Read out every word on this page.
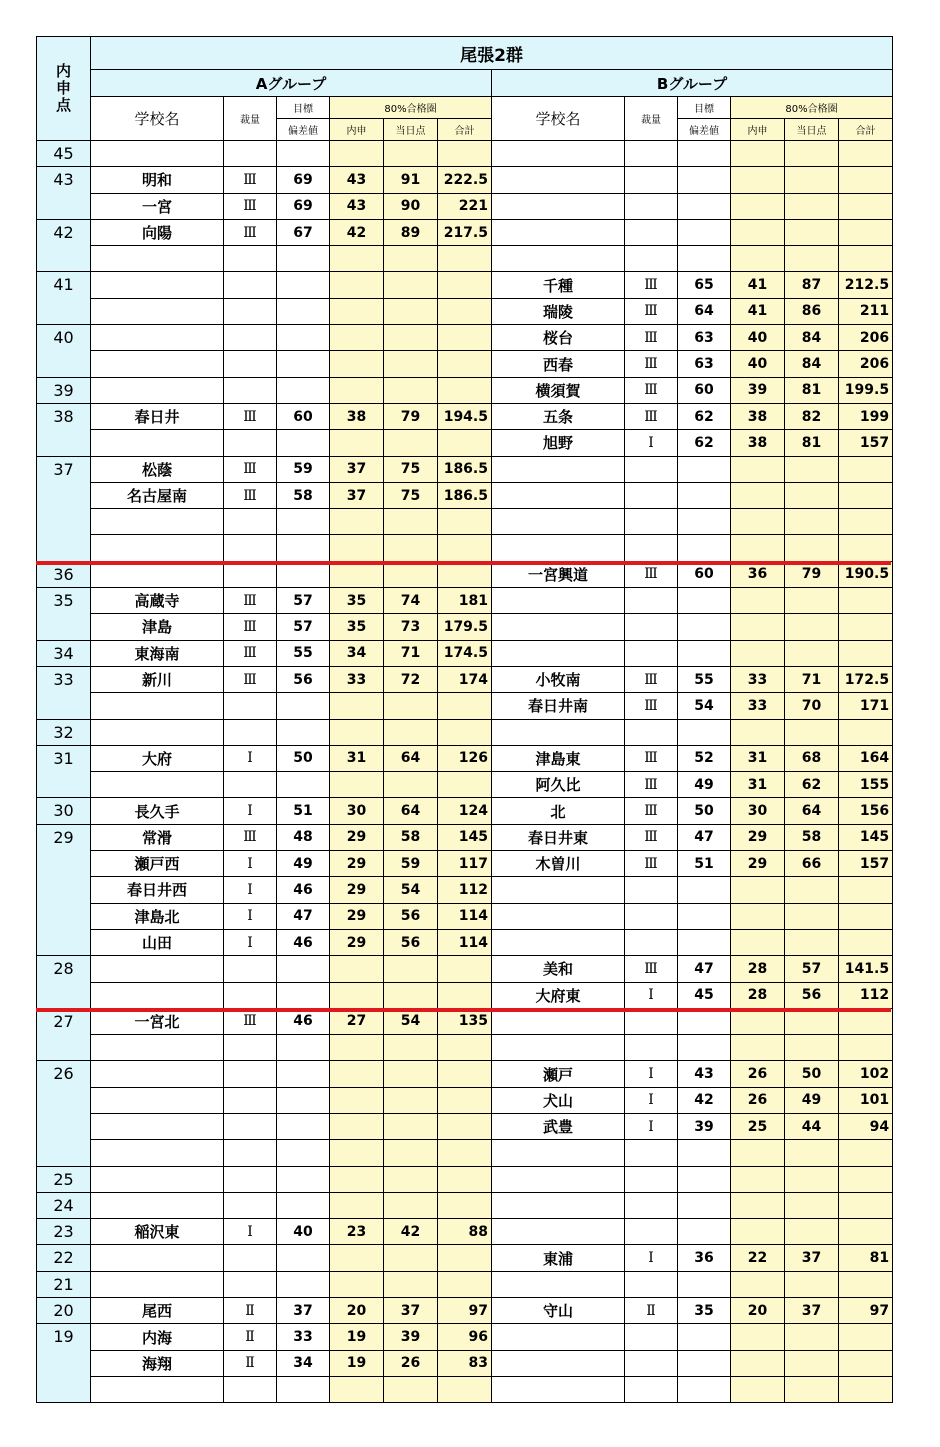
内
申
点	尾張2群											
	Aグループ						Bグループ					
	学校名	裁量	目標	80%合格圏			学校名	裁量	目標	80%合格圏		
			偏差値	内申	当日点	合計			偏差値	内申	当日点	合計
45												
43	明和	Ⅲ	69	43	91	222.5						
	一宮	Ⅲ	69	43	90	221						
42	向陽	Ⅲ	67	42	89	217.5						

41							千種	Ⅲ	65	41	87	212.5
							瑞陵	Ⅲ	64	41	86	211
40							桜台	Ⅲ	63	40	84	206
							西春	Ⅲ	63	40	84	206
39							横須賀	Ⅲ	60	39	81	199.5
38	春日井	Ⅲ	60	38	79	194.5	五条	Ⅲ	62	38	82	199
							旭野	Ⅰ	62	38	81	157
37	松蔭	Ⅲ	59	37	75	186.5						
	名古屋南	Ⅲ	58	37	75	186.5						

36							一宮興道	Ⅲ	60	36	79	190.5
35	高蔵寺	Ⅲ	57	35	74	181						
	津島	Ⅲ	57	35	73	179.5						
34	東海南	Ⅲ	55	34	71	174.5						
33	新川	Ⅲ	56	33	72	174	小牧南	Ⅲ	55	33	71	172.5
							春日井南	Ⅲ	54	33	70	171
32												
31	大府	Ⅰ	50	31	64	126	津島東	Ⅲ	52	31	68	164
							阿久比	Ⅲ	49	31	62	155
30	長久手	Ⅰ	51	30	64	124	北	Ⅲ	50	30	64	156
29	常滑	Ⅲ	48	29	58	145	春日井東	Ⅲ	47	29	58	145
	瀬戸西	Ⅰ	49	29	59	117	木曽川	Ⅲ	51	29	66	157
	春日井西	Ⅰ	46	29	54	112						
	津島北	Ⅰ	47	29	56	114						
	山田	Ⅰ	46	29	56	114						
28							美和	Ⅲ	47	28	57	141.5
							大府東	Ⅰ	45	28	56	112
27	一宮北	Ⅲ	46	27	54	135						

26							瀬戸	Ⅰ	43	26	50	102
							犬山	Ⅰ	42	26	49	101
							武豊	Ⅰ	39	25	44	94

25												
24												
23	稲沢東	Ⅰ	40	23	42	88						
22							東浦	Ⅰ	36	22	37	81
21												
20	尾西	Ⅱ	37	20	37	97	守山	Ⅱ	35	20	37	97
19	内海	Ⅱ	33	19	39	96						
	海翔	Ⅱ	34	19	26	83						
